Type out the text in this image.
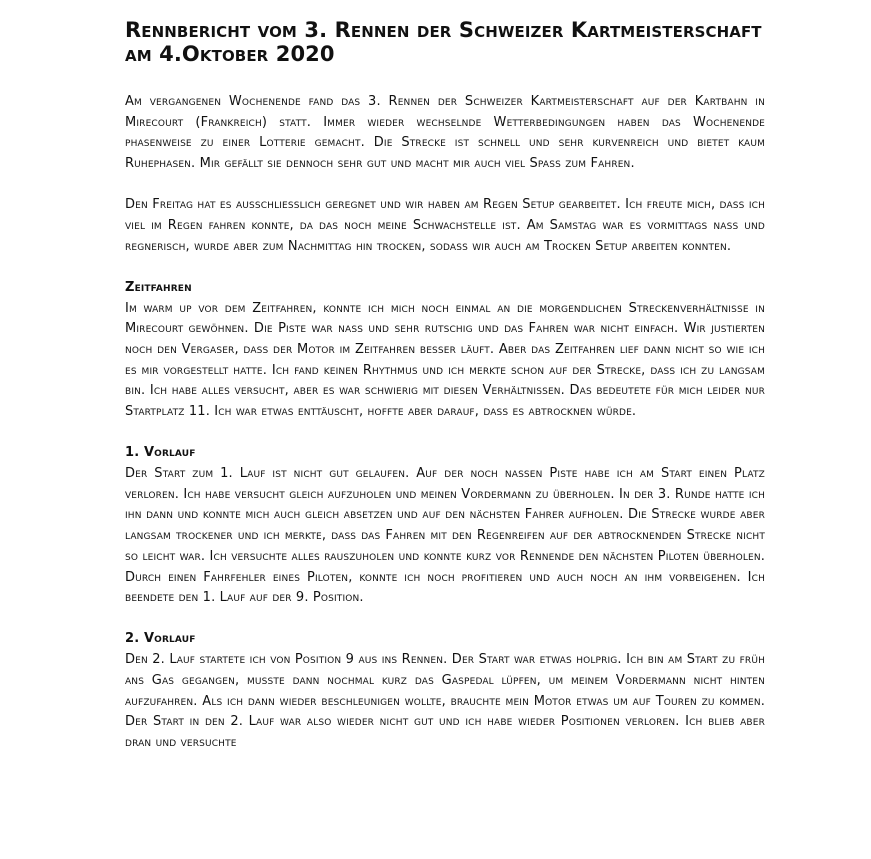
Rennbericht vom 3. Rennen der Schweizer Kartmeisterschaft am 4.Oktober 2020

Am vergangenen Wochenende fand das 3. Rennen der Schweizer Kartmeisterschaft auf der Kartbahn in Mirecourt (Frankreich) statt. Immer wieder wechselnde Wetterbedingungen haben das Wochenende phasenweise zu einer Lotterie gemacht. Die Strecke ist schnell und sehr kurvenreich und bietet kaum Ruhephasen. Mir gefällt sie dennoch sehr gut und macht mir auch viel Spass zum Fahren.

Den Freitag hat es ausschliesslich geregnet und wir haben am Regen Setup gearbeitet. Ich freute mich, dass ich viel im Regen fahren konnte, da das noch meine Schwachstelle ist. Am Samstag war es vormittags nass und regnerisch, wurde aber zum Nachmittag hin trocken, sodass wir auch am Trocken Setup arbeiten konnten.

Zeitfahren

Im warm up vor dem Zeitfahren, konnte ich mich noch einmal an die morgendlichen Streckenverhältnisse in Mirecourt gewöhnen. Die Piste war nass und sehr rutschig und das Fahren war nicht einfach. Wir justierten noch den Vergaser, dass der Motor im Zeitfahren besser läuft. Aber das Zeitfahren lief dann nicht so wie ich es mir vorgestellt hatte. Ich fand keinen Rhythmus und ich merkte schon auf der Strecke, dass ich zu langsam bin. Ich habe alles versucht, aber es war schwierig mit diesen Verhältnissen. Das bedeutete für mich leider nur Startplatz 11. Ich war etwas enttäuscht, hoffte aber darauf, dass es abtrocknen würde.

1. Vorlauf

Der Start zum 1. Lauf ist nicht gut gelaufen. Auf der noch nassen Piste habe ich am Start einen Platz verloren. Ich habe versucht gleich aufzuholen und meinen Vordermann zu überholen. In der 3. Runde hatte ich ihn dann und konnte mich auch gleich absetzen und auf den nächsten Fahrer aufholen. Die Strecke wurde aber langsam trockener und ich merkte, dass das Fahren mit den Regenreifen auf der abtrocknenden Strecke nicht so leicht war. Ich versuchte alles rauszuholen und konnte kurz vor Rennende den nächsten Piloten überholen. Durch einen Fahrfehler eines Piloten, konnte ich noch profitieren und auch noch an ihm vorbeigehen. Ich beendete den 1. Lauf auf der 9. Position.

2. Vorlauf

Den 2. Lauf startete ich von Position 9 aus ins Rennen. Der Start war etwas holprig. Ich bin am Start zu früh ans Gas gegangen, musste dann nochmal kurz das Gaspedal lüpfen, um meinem Vordermann nicht hinten aufzufahren. Als ich dann wieder beschleunigen wollte, brauchte mein Motor etwas um auf Touren zu kommen. Der Start in den 2. Lauf war also wieder nicht gut und ich habe wieder Positionen verloren. Ich blieb aber dran und versuchte
